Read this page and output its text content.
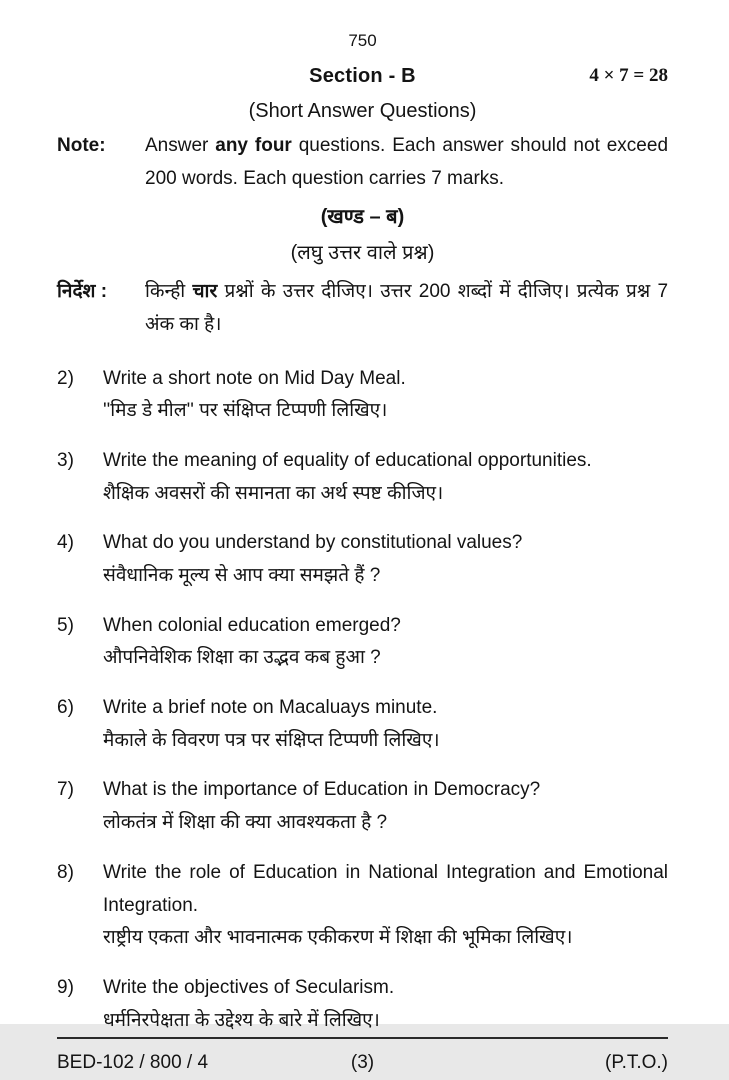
750
Section - B	4 × 7 = 28
(Short Answer Questions)
Note:	Answer any four questions. Each answer should not exceed 200 words. Each question carries 7 marks.
(खण्ड – ब)
(लघु उत्तर वाले प्रश्न)
निर्देश :	किन्ही चार प्रश्नों के उत्तर दीजिए। उत्तर 200 शब्दों में दीजिए। प्रत्येक प्रश्न 7 अंक का है।
2)	Write a short note on Mid Day Meal.
''मिड डे मील'' पर संक्षिप्त टिप्पणी लिखिए।
3)	Write the meaning of equality of educational opportunities.
शैक्षिक अवसरों की समानता का अर्थ स्पष्ट कीजिए।
4)	What do you understand by constitutional values?
संवैधानिक मूल्य से आप क्या समझते हैं ?
5)	When colonial education emerged?
औपनिवेशिक शिक्षा का उद्भव कब हुआ ?
6)	Write a brief note on Macaluays minute.
मैकाले के विवरण पत्र पर संक्षिप्त टिप्पणी लिखिए।
7)	What is the importance of Education in Democracy?
लोकतंत्र में शिक्षा की क्या आवश्यकता है ?
8)	Write the role of Education in National Integration and Emotional Integration.
राष्ट्रीय एकता और भावनात्मक एकीकरण में शिक्षा की भूमिका लिखिए।
9)	Write the objectives of Secularism.
धर्मनिरपेक्षता के उद्देश्य के बारे में लिखिए।
BED-102 / 800 / 4	(3)	(P.T.O.)
